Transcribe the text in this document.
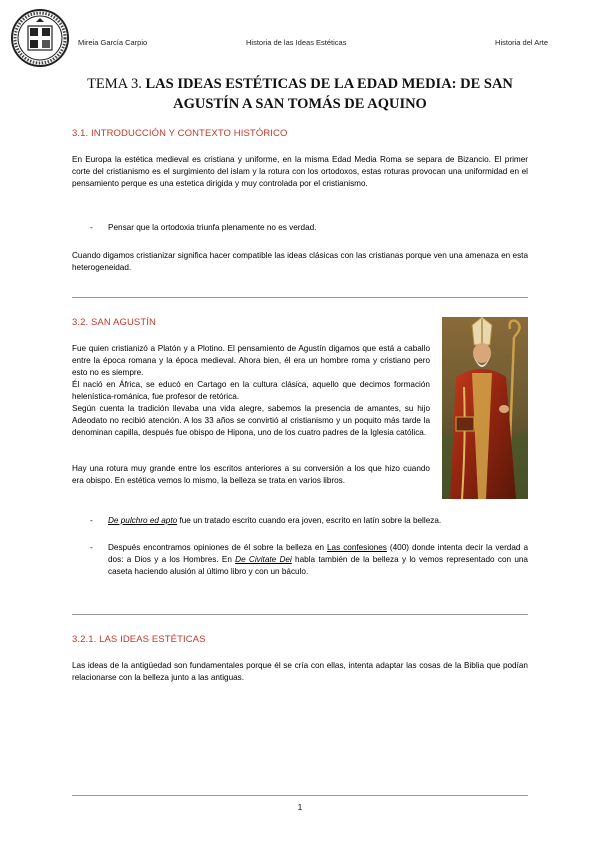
Mireia García Carpio	Historia de las Ideas Estéticas	Historia del Arte
TEMA 3. LAS IDEAS ESTÉTICAS DE LA EDAD MEDIA: DE SAN AGUSTÍN A SAN TOMÁS DE AQUINO
3.1. INTRODUCCIÓN Y CONTEXTO HISTÓRICO
En Europa la estética medieval es cristiana y uniforme, en la misma Edad Media Roma se separa de Bizancio. El primer corte del cristianismo es el surgimiento del islam y la rotura con los ortodoxos, estas roturas provocan una uniformidad en el pensamiento perque es una estetica dirigida y muy controlada por el cristianismo.
-	Pensar que la ortodoxia triunfa plenamente no es verdad.
Cuando digamos cristianizar significa hacer compatible las ideas clásicas con las cristianas porque ven una amenaza en esta heterogeneidad.
3.2. SAN AGUSTÍN
Fue quien cristianizó a Platón y a Plotino. El pensamiento de Agustín digamos que está a caballo entre la época romana y la época medieval. Ahora bien, él era un hombre roma y cristiano pero esto no es siempre.
Él nació en África, se educó en Cartago en la cultura clásica, aquello que decimos formación helenística-románica, fue profesor de retórica.
Según cuenta la tradición llevaba una vida alegre, sabemos la presencia de amantes, su hijo Adeodato no recibió atención. A los 33 años se convirtió al cristianismo y un poquito más tarde la denominan capilla, después fue obispo de Hipona, uno de los cuatro padres de la Iglesia católica.
Hay una rotura muy grande entre los escritos anteriores a su conversión a los que hizo cuando era obispo. En estética vemos lo mismo, la belleza se trata en varios libros.
-	De pulchro ed apto fue un tratado escrito cuando era joven, escrito en latín sobre la belleza.
-	Después encontramos opiniones de él sobre la belleza en Las confesiones (400) donde intenta decir la verdad a dos: a Dios y a los Hombres. En De Civitate Dei habla también de la belleza y lo vemos representado con una caseta haciendo alusión al último libro y con un báculo.
3.2.1. LAS IDEAS ESTÉTICAS
Las ideas de la antigüedad son fundamentales porque él se cría con ellas, intenta adaptar las cosas de la Biblia que podían relacionarse con la belleza junto a las antiguas.
1
